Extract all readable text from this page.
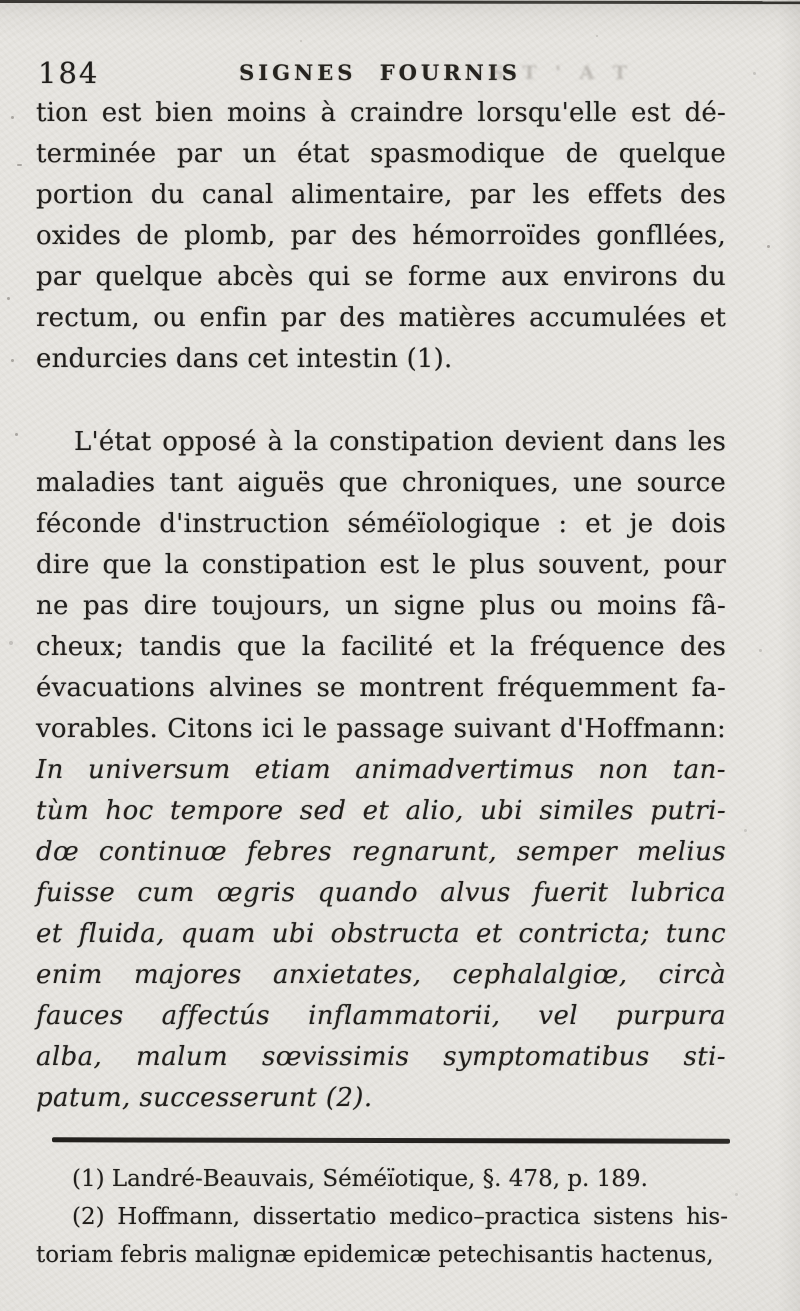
184	SIGNES FOURNIS
S T ' A T
tion est bien moins à craindre lorsqu'elle est dé-
terminée par un état spasmodique de quelque
portion du canal alimentaire, par les effets des
oxides de plomb, par des hémorroïdes gonfllées,
par quelque abcès qui se forme aux environs du
rectum, ou enfin par des matières accumulées et
endurcies dans cet intestin (1).
L'état opposé à la constipation devient dans les
maladies tant aiguës que chroniques, une source
féconde d'instruction séméïologique : et je dois
dire que la constipation est le plus souvent, pour
ne pas dire toujours, un signe plus ou moins fâ-
cheux; tandis que la facilité et la fréquence des
évacuations alvines se montrent fréquemment fa-
vorables. Citons ici le passage suivant d'Hoffmann:
In universum etiam animadvertimus non tan-
tùm hoc tempore sed et alio, ubi similes putri-
dœ continuœ febres regnarunt, semper melius
fuisse cum œgris quando alvus fuerit lubrica
et fluida, quam ubi obstructa et contricta; tunc
enim majores anxietates, cephalalgiœ, circà
fauces affectús inflammatorii, vel purpura
alba, malum sœvissimis symptomatibus sti-
patum, successerunt (2).
(1) Landré-Beauvais, Séméïotique, §. 478, p. 189.
(2) Hoffmann, dissertatio medico–practica sistens his-
toriam febris malignæ epidemicæ petechisantis hactenus,
